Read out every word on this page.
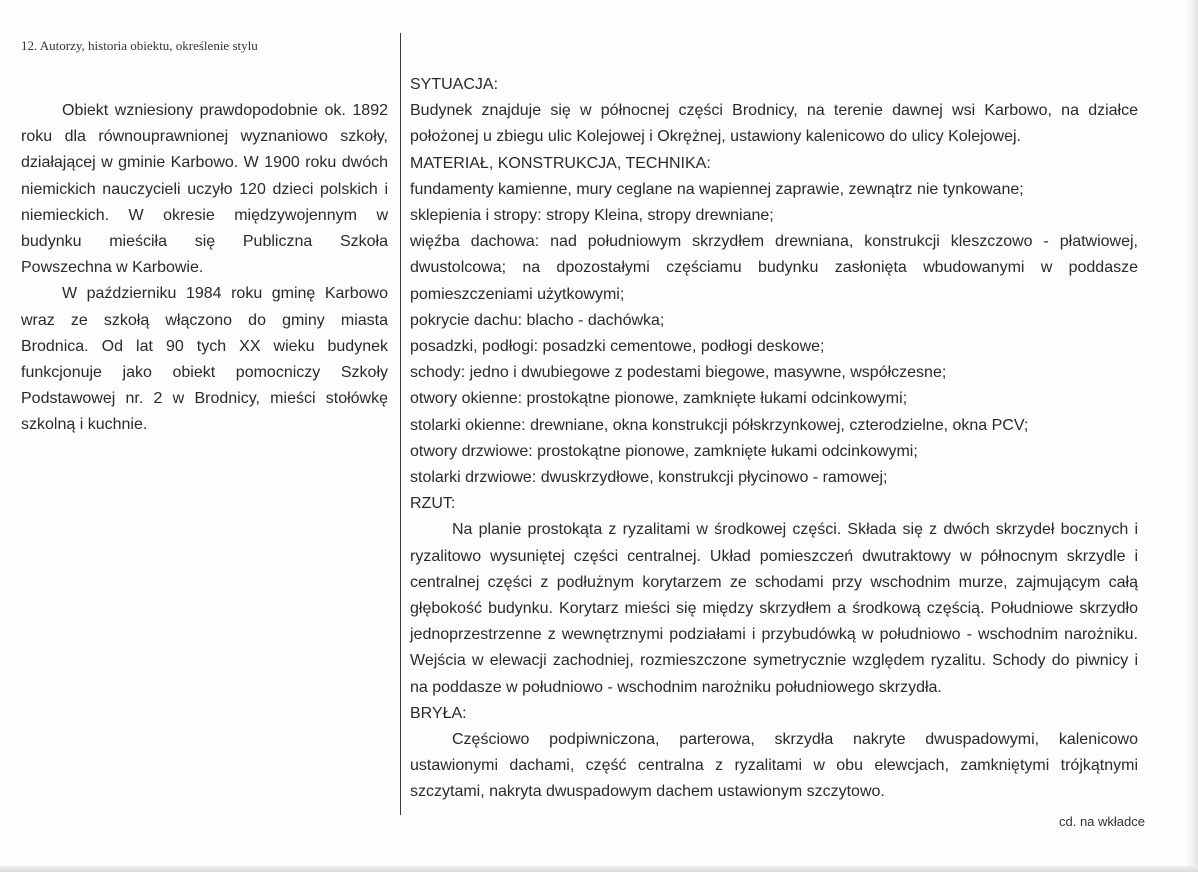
12. Autorzy, historia obiektu, określenie stylu

Obiekt wzniesiony prawdopodobnie ok. 1892 roku dla równouprawnionej wyznaniowo szkoły, działającej w gminie Karbowo. W 1900 roku dwóch niemickich nauczycieli uczyło 120 dzieci polskich i niemieckich. W okresie międzywojennym w budynku mieściła się Publiczna Szkoła Powszechna w Karbowie.

W październiku 1984 roku gminę Karbowo wraz ze szkołą włączono do gminy miasta Brodnica. Od lat 90 tych XX wieku budynek funkcjonuje jako obiekt pomocniczy Szkoły Podstawowej nr. 2 w Brodnicy, mieści stołówkę szkolną i kuchnie.

SYTUACJA:

Budynek znajduje się w północnej części Brodnicy, na terenie dawnej wsi Karbowo, na działce położonej u zbiegu ulic Kolejowej i Okrężnej, ustawiony kalenicowo do ulicy Kolejowej.

MATERIAŁ, KONSTRUKCJA, TECHNIKA:

fundamenty kamienne, mury ceglane na wapiennej zaprawie, zewnątrz nie tynkowane;

sklepienia i stropy: stropy Kleina, stropy drewniane;

więźba dachowa: nad południowym skrzydłem drewniana, konstrukcji kleszczowo - płatwiowej, dwustolcowa; na dpozostałymi częściamu budynku zasłonięta wbudowanymi w poddasze pomieszczeniami użytkowymi;

pokrycie dachu: blacho - dachówka;

posadzki, podłogi: posadzki cementowe, podłogi deskowe;

schody: jedno i dwubiegowe z podestami biegowe, masywne, współczesne;

otwory okienne: prostokątne pionowe, zamknięte łukami odcinkowymi;

stolarki okienne: drewniane, okna konstrukcji półskrzynkowej, czterodzielne, okna PCV;

otwory drzwiowe: prostokątne pionowe, zamknięte łukami odcinkowymi;

stolarki drzwiowe: dwuskrzydłowe, konstrukcji płycinowo - ramowej;

RZUT:

Na planie prostokąta z ryzalitami w środkowej części. Składa się z dwóch skrzydeł bocznych i ryzalitowo wysuniętej części centralnej. Układ pomieszczeń dwutraktowy w północnym skrzydle i centralnej części z podłużnym korytarzem ze schodami przy wschodnim murze, zajmującym całą głębokość budynku. Korytarz mieści się między skrzydłem a środkową częścią. Południowe skrzydło jednoprzestrzenne z wewnętrznymi podziałami i przybudówką w południowo - wschodnim narożniku. Wejścia w elewacji zachodniej, rozmieszczone symetrycznie względem ryzalitu. Schody do piwnicy i na poddasze w południowo - wschodnim narożniku południowego skrzydła.

BRYŁA:

Częściowo podpiwniczona, parterowa, skrzydła nakryte dwuspadowymi, kalenicowo ustawionymi dachami, część centralna z ryzalitami w obu elewcjach, zamkniętymi trójkątnymi szczytami, nakryta dwuspadowym dachem ustawionym szczytowo.

cd. na wkładce
